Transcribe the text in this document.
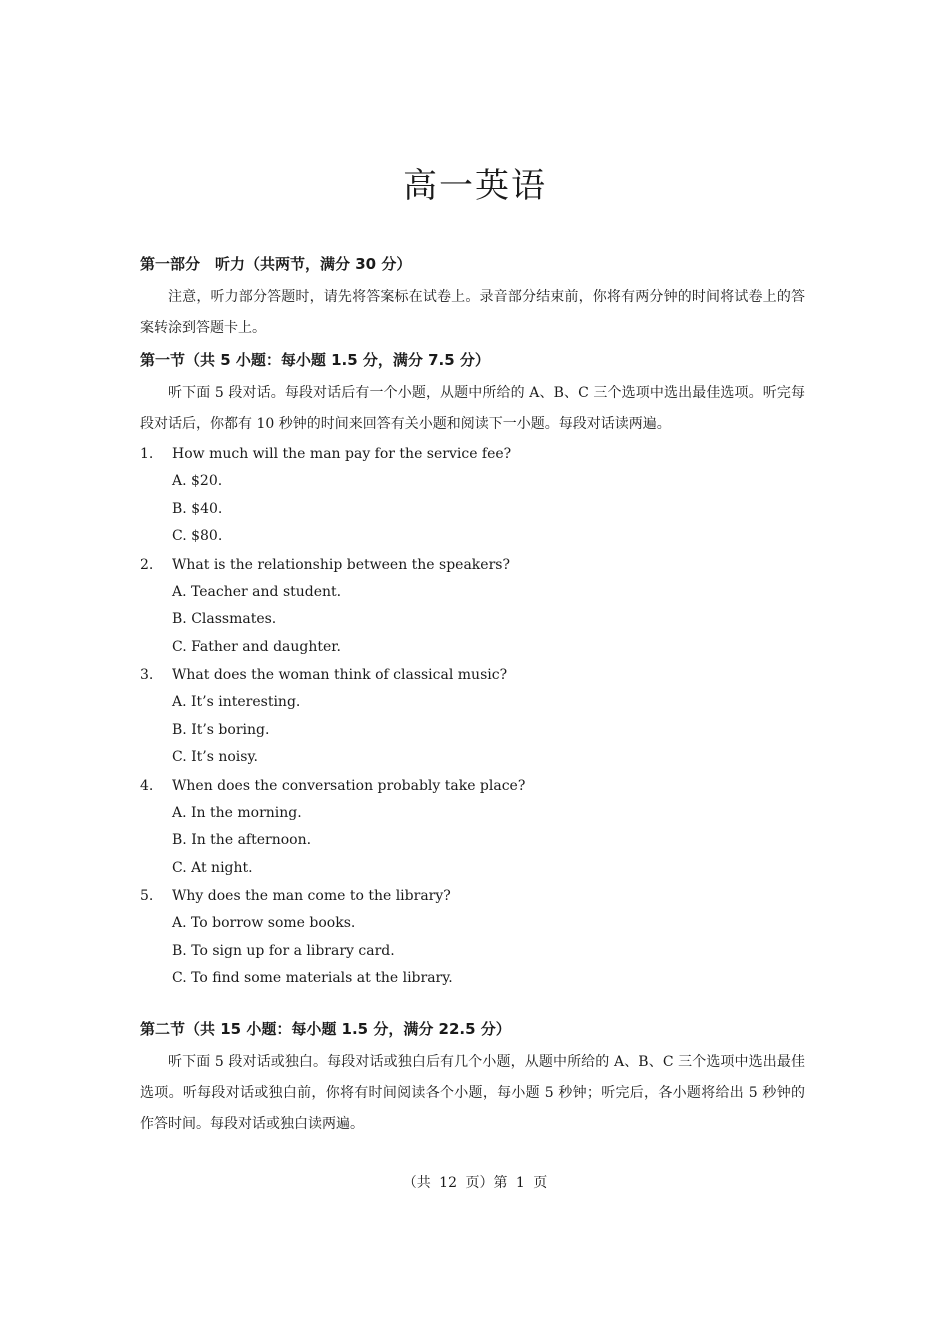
高一英语
第一部分　听力（共两节，满分 30 分）

注意，听力部分答题时，请先将答案标在试卷上。录音部分结束前，你将有两分钟的时间将试卷上的答案转涂到答题卡上。

第一节（共 5 小题：每小题 1.5 分，满分 7.5 分）

听下面 5 段对话。每段对话后有一个小题，从题中所给的 A、B、C 三个选项中选出最佳选项。听完每段对话后，你都有 10 秒钟的时间来回答有关小题和阅读下一小题。每段对话读两遍。

1. How much will the man pay for the service fee?
A. $20.
B. $40.
C. $80.
2. What is the relationship between the speakers?
A. Teacher and student.
B. Classmates.
C. Father and daughter.
3. What does the woman think of classical music?
A. It’s interesting.
B. It’s boring.
C. It’s noisy.
4. When does the conversation probably take place?
A. In the morning.
B. In the afternoon.
C. At night.
5. Why does the man come to the library?
A. To borrow some books.
B. To sign up for a library card.
C. To find some materials at the library.
第二节（共 15 小题：每小题 1.5 分，满分 22.5 分）

听下面 5 段对话或独白。每段对话或独白后有几个小题，从题中所给的 A、B、C 三个选项中选出最佳选项。听每段对话或独白前，你将有时间阅读各个小题，每小题 5 秒钟；听完后，各小题将给出 5 秒钟的作答时间。每段对话或独白读两遍。

（共 12 页）第 1 页
